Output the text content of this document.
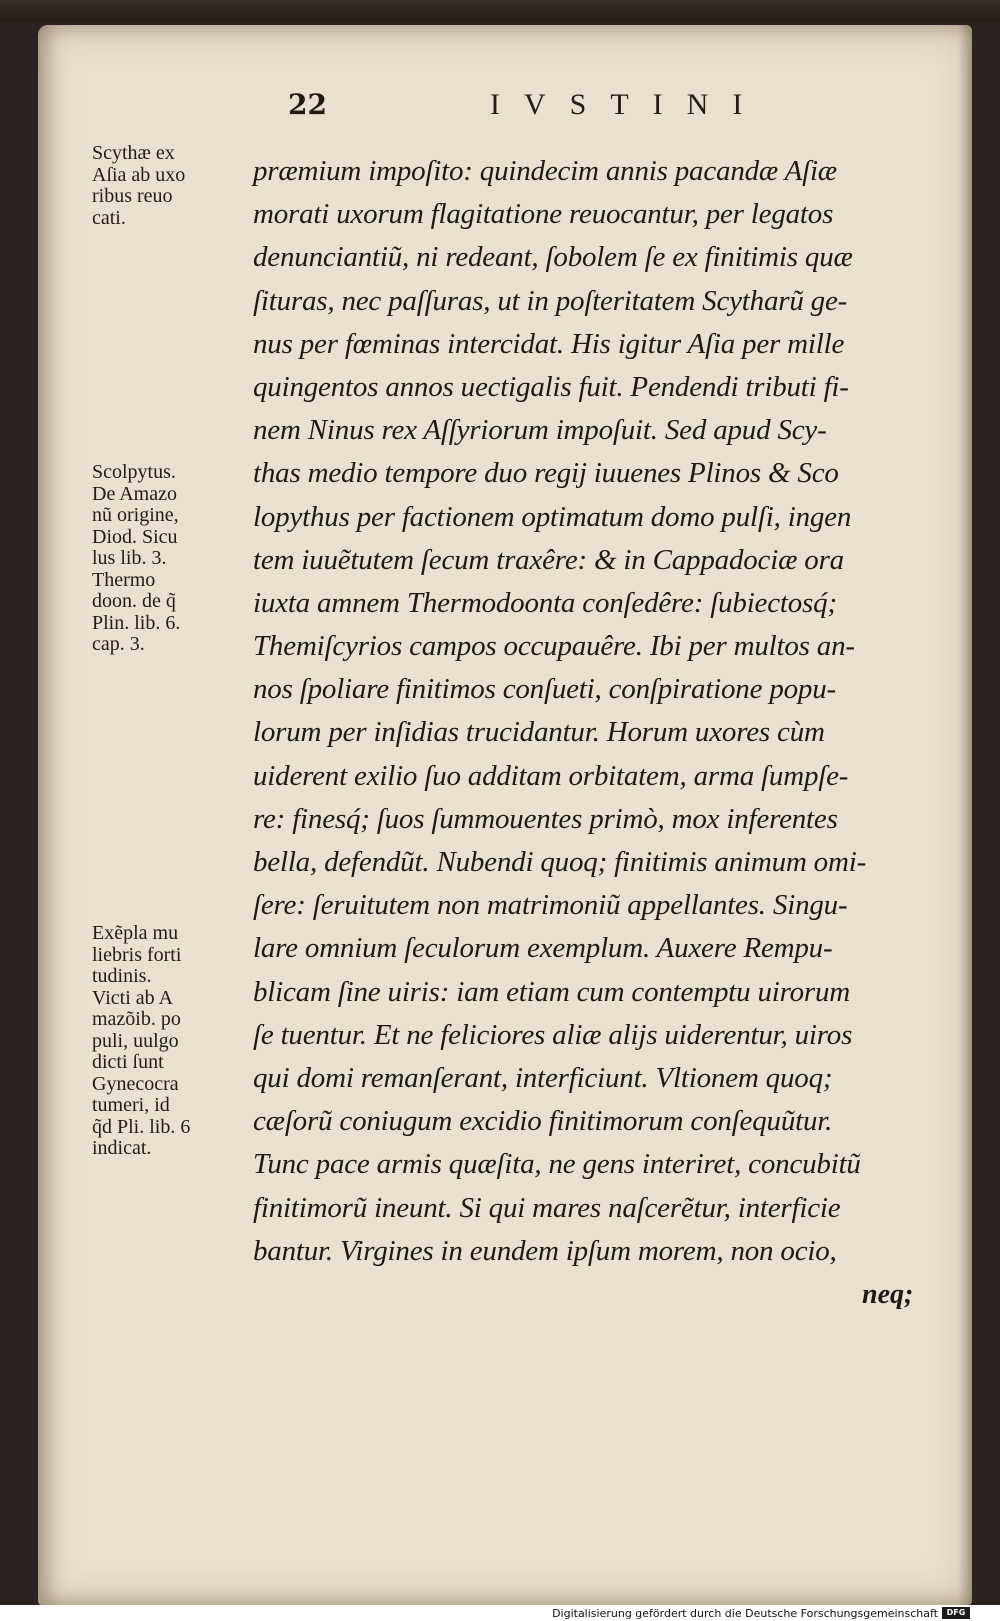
22	IVSTINI
Scythæ ex
Aſia ab uxo
ribus reuo
cati.
Scolpytus.
De Amazo
nũ origine,
Diod. Sicu
lus lib. 3.
Thermo
doon. de q̃
Plin. lib. 6.
cap. 3.
Exẽpla mu
liebris forti
tudinis.
Victi ab A
mazõib. po
puli, uulgo
dicti ſunt
Gynecocra
tumeri, id
q̃d Pli. lib. 6
indicat.
præmium impoſito: quindecim annis pacandæ Aſiæ
morati uxorum flagitatione reuocantur, per legatos
denunciantiũ, ni redeant, ſobolem ſe ex finitimis quæ
ſituras, nec paſſuras, ut in poſteritatem Scytharũ ge-
nus per fœminas intercidat. His igitur Aſia per mille
quingentos annos uectigalis fuit. Pendendi tributi fi-
nem Ninus rex Aſſyriorum impoſuit. Sed apud Scy-
thas medio tempore duo regij iuuenes Plinos & Sco
lopythus per factionem optimatum domo pulſi, ingen
tem iuuẽtutem ſecum traxêre: & in Cappadociæ ora
iuxta amnem Thermodoonta conſedêre: ſubiectosq́;
Themiſcyrios campos occupauêre. Ibi per multos an-
nos ſpoliare finitimos conſueti, conſpiratione popu-
lorum per inſidias trucidantur. Horum uxores cùm
uiderent exilio ſuo additam orbitatem, arma ſumpſe-
re: finesq́; ſuos ſummouentes primò, mox inferentes
bella, defendũt. Nubendi quoq; finitimis animum omi-
ſere: ſeruitutem non matrimoniũ appellantes. Singu-
lare omnium ſeculorum exemplum. Auxere Rempu-
blicam ſine uiris: iam etiam cum contemptu uirorum
ſe tuentur. Et ne feliciores aliæ alijs uiderentur, uiros
qui domi remanſerant, interficiunt. Vltionem quoq;
cæſorũ coniugum excidio finitimorum conſequũtur.
Tunc pace armis quæſita, ne gens interiret, concubitũ
finitimorũ ineunt. Si qui mares naſcerẽtur, interficie
bantur. Virgines in eundem ipſum morem, non ocio,
neq;
Digitalisierung gefördert durch die Deutsche Forschungsgemeinschaft	DFG
